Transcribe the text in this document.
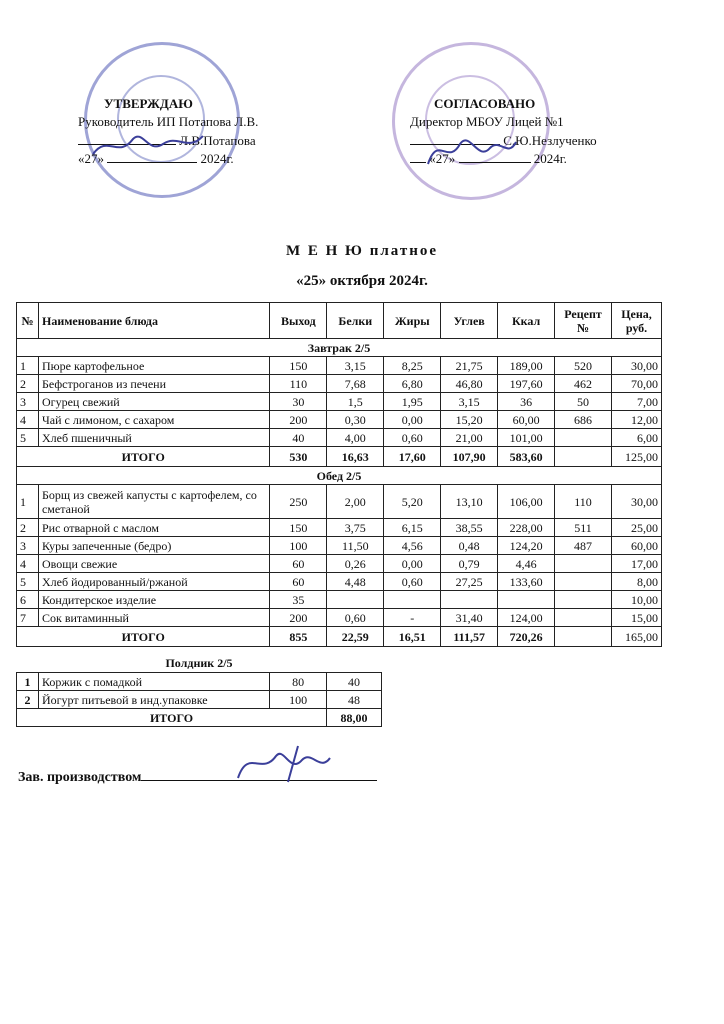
УТВЕРЖДАЮ
Руководитель ИП Потапова Л.В.
Л.В.Потапова
«27»	2024г.
СОГЛАСОВАНО
Директор МБОУ Лицей №1
С.Ю.Незлученко
«27»	2024г.
М Е Н Ю платное
«25» октября 2024г.
№	Наименование блюда	Выход	Белки	Жиры	Углев	Ккал	Рецепт №	Цена, руб.
Завтрак 2/5								
1	Пюре картофельное	150	3,15	8,25	21,75	189,00	520	30,00
2	Бефстроганов из печени	110	7,68	6,80	46,80	197,60	462	70,00
3	Огурец свежий	30	1,5	1,95	3,15	36	50	7,00
4	Чай с лимоном, с сахаром	200	0,30	0,00	15,20	60,00	686	12,00
5	Хлеб пшеничный	40	4,00	0,60	21,00	101,00		6,00
ИТОГО		530	16,63	17,60	107,90	583,60		125,00
Обед 2/5								
1	Борщ из свежей капусты с картофелем, со сметаной	250	2,00	5,20	13,10	106,00	110	30,00
2	Рис отварной с маслом	150	3,75	6,15	38,55	228,00	511	25,00
3	Куры запеченные (бедро)	100	11,50	4,56	0,48	124,20	487	60,00
4	Овощи свежие	60	0,26	0,00	0,79	4,46		17,00
5	Хлеб йодированный/ржаной	60	4,48	0,60	27,25	133,60		8,00
6	Кондитерское изделие	35						10,00
7	Сок витаминный	200	0,60	-	31,40	124,00		15,00
ИТОГО		855	22,59	16,51	111,57	720,26		165,00
Полдник 2/5
1	Коржик с помадкой	80	40
2	Йогурт питьевой в инд.упаковке	100	48
ИТОГО			88,00
Зав. производством
